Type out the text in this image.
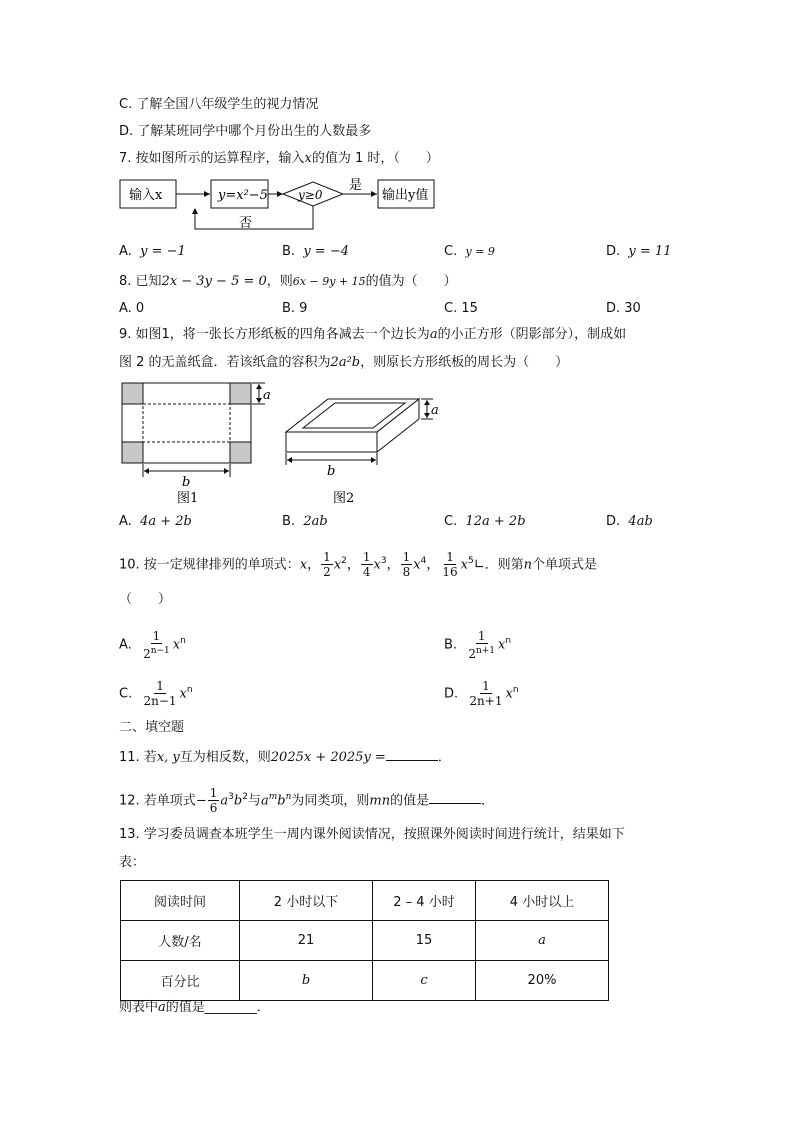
C. 了解全国八年级学生的视力情况
D. 了解某班同学中哪个月份出生的人数最多
7. 按如图所示的运算程序，输入x的值为 1 时，（　　）
输入x	y=x²−5	y≥0
是
输出y值
否
A. y = −1	B. y = −4	C. y = 9	D. y = 11
8. 已知2x − 3y − 5 = 0，则6x − 9y + 15的值为（　　）
A. 0	B. 9	C. 15	D. 30
9. 如图1，将一张长方形纸板的四角各减去一个边长为a的小正方形（阴影部分），制成如
图 2 的无盖纸盒．若该纸盒的容积为2a²b，则原长方形纸板的周长为（　　）
a
b
图1
a
b
图2
A. 4a + 2b	B. 2ab	C. 12a + 2b	D. 4ab
10. 按一定规律排列的单项式：x， $\frac{1}{2} x^2$， $\frac{1}{4} x^3$， $\frac{1}{8} x^4$， $\frac{1}{16}$ $x^5∟$．则第n个单项式是
（　　）
A. $\frac{1}{2^{n-1}} x^n$	B. $\frac{1}{2^{n+1}} x^n$
C. $\frac{1}{2n-1} x^n$	D. $\frac{1}{2n+1} x^n$
二、填空题
11. 若x, y互为相反数，则2025x + 2025y =	．
12. 若单项式− $\frac{1}{6} a^3b^2$与$a^mb^n$为同类项，则mn的值是	．
13. 学习委员调查本班学生一周内课外阅读情况，按照课外阅读时间进行统计，结果如下
表：
阅读时间	2 小时以下	2 – 4 小时	4 小时以上
人数/名	21	15	a
百分比	b	c	20%
则表中a的值是________．
